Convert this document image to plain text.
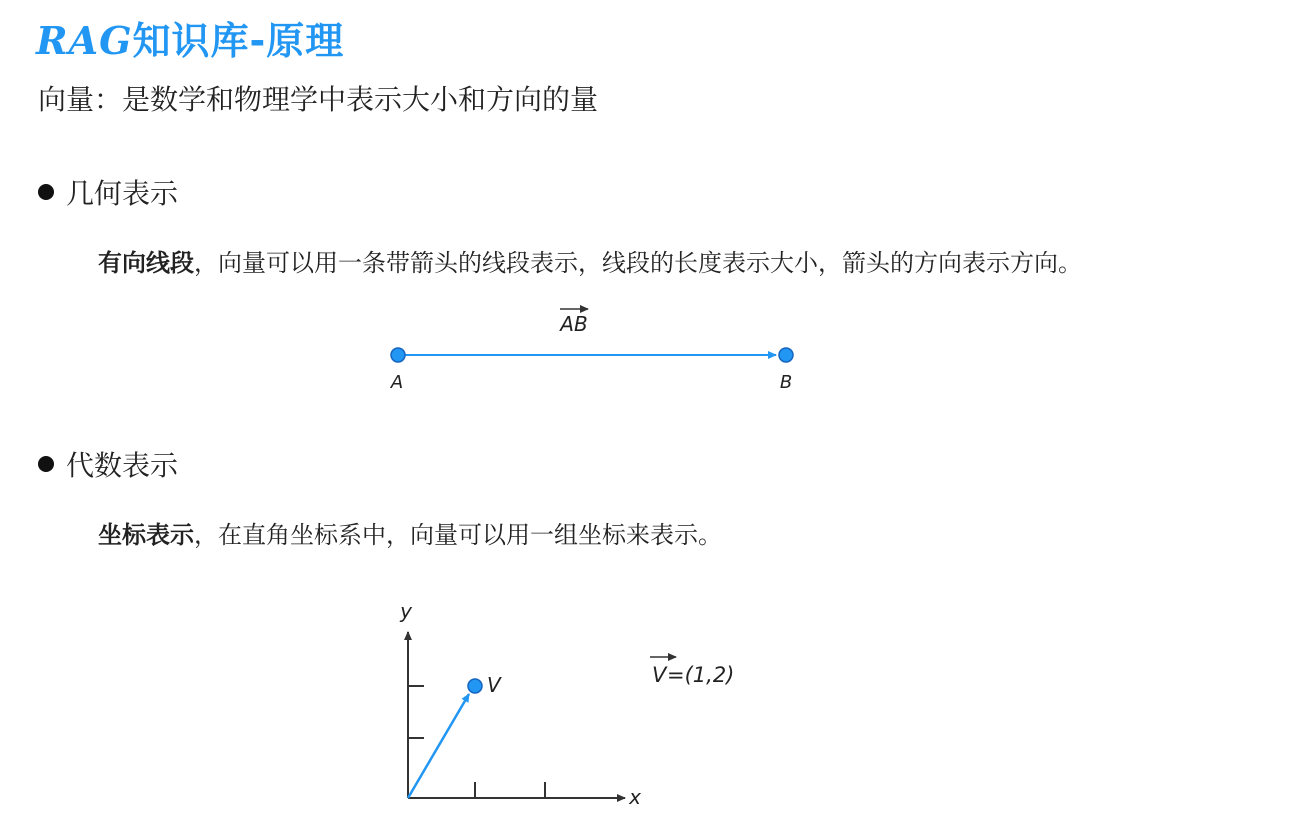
RAG知识库-原理
向量：是数学和物理学中表示大小和方向的量
几何表示
有向线段，向量可以用一条带箭头的线段表示，线段的长度表示大小，箭头的方向表示方向。
代数表示
坐标表示，在直角坐标系中，向量可以用一组坐标来表示。
A	B
AB
y
x
V	V =(1,2)
